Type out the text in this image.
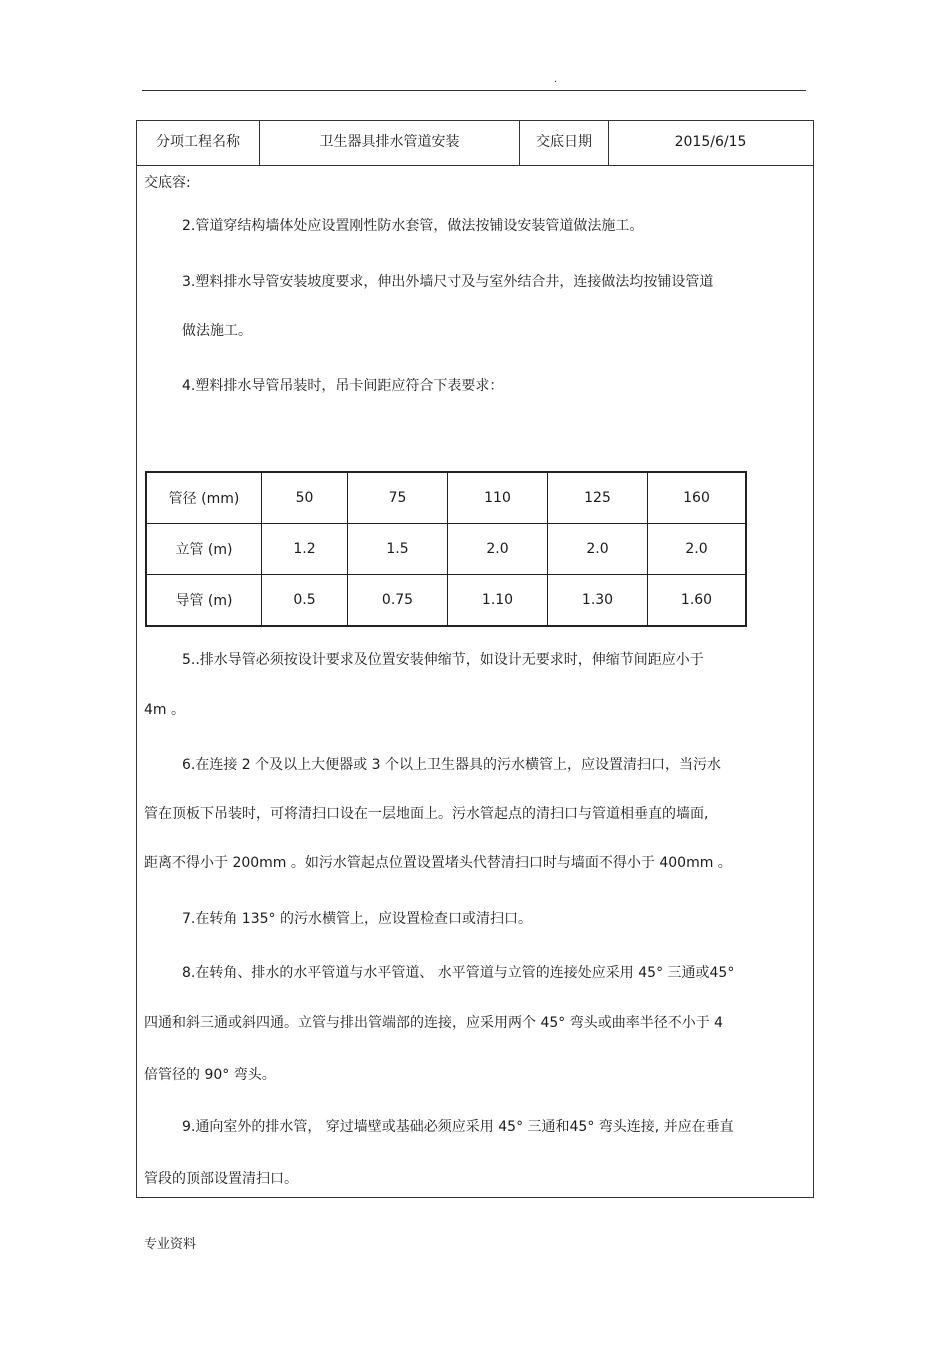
.
分项工程名称	卫生器具排水管道安装	交底日期	2015/6/15
交底容:
2.管道穿结构墙体处应设置刚性防水套管，做法按铺设安装管道做法施工。
3.塑料排水导管安装坡度要求，伸出外墙尺寸及与室外结合井，连接做法均按铺设管道
做法施工。
4.塑料排水导管吊装时，吊卡间距应符合下表要求：
管径 (mm)	50	75	110	125	160
立管 (m)	1.2	1.5	2.0	2.0	2.0
导管 (m)	0.5	0.75	1.10	1.30	1.60
5..排水导管必须按设计要求及位置安装伸缩节，如设计无要求时，伸缩节间距应小于
4m 。
6.在连接 2 个及以上大便器或 3 个以上卫生器具的污水横管上，应设置清扫口，当污水
管在顶板下吊装时，可将清扫口设在一层地面上。污水管起点的清扫口与管道相垂直的墙面,
距离不得小于 200mm 。如污水管起点位置设置堵头代替清扫口时与墙面不得小于 400mm 。
7.在转角 135° 的污水横管上，应设置检查口或清扫口。
8.在转角、排水的水平管道与水平管道、 水平管道与立管的连接处应采用 45° 三通或45°
四通和斜三通或斜四通。立管与排出管端部的连接，应采用两个 45° 弯头或曲率半径不小于 4
倍管径的 90° 弯头。
9.通向室外的排水管， 穿过墙壁或基础必须应采用 45° 三通和45° 弯头连接, 并应在垂直
管段的顶部设置清扫口。
专业资料
